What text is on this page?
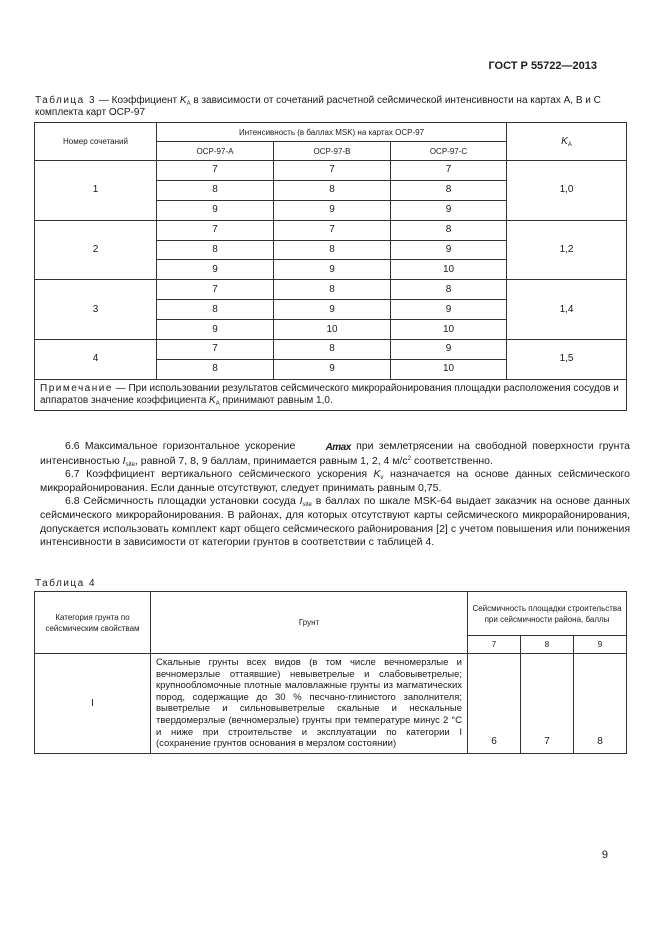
ГОСТ Р 55722—2013
Таблица 3 — Коэффициент $K_A$ в зависимости от сочетаний расчетной сейсмической интенсивности на картах А, В и С комплекта карт ОСР-97
Номер сочетаний	Интенсивность (в баллах MSK) на картах ОСР-97			$K_A$
	ОСР-97-А	ОСР-97-В	ОСР-97-С	
1	7	7	7	1,0
	8	8	8	
	9	9	9	
2	7	7	8	1,2
	8	8	9	
	9	9	10	
3	7	8	8	1,4
	8	9	9	
	9	10	10	
4	7	8	9	1,5
	8	9	10	
Примечание — При использовании результатов сейсмического микрорайонирования площадки расположения сосудов и аппаратов значение коэффициента $K_A$ принимают равным 1,0.				

6.6 Максимальное горизонтальное ускорение	Amax при землетрясении на свободной поверхности грунта интенсивностью $I_{site}$, равной 7, 8, 9 баллам, принимается равным 1, 2, 4 $м/с^2$ соответственно.

6.7 Коэффициент вертикального сейсмического ускорения $K_v$ назначается на основе данных сейсмического микрорайонирования. Если данные отсутствуют, следует принимать равным 0,75.

6.8 Сейсмичность площадки установки сосуда $I_{site}$ в баллах по шкале MSK-64 выдает заказчик на основе данных сейсмического микрорайонирования. В районах, для которых отсутствуют карты сейсмического микрорайонирования, допускается использовать комплект карт общего сейсмического районирования [2] с учетом повышения или понижения интенсивности в зависимости от категории грунтов в соответствии с таблицей 4.

Таблица 4
Категория грунта по сейсмическим свойствам	Грунт	Сейсмичность площадки строительства при сейсмичности района, баллы		
		7	8	9
I	Скальные грунты всех видов (в том числе вечномерзлые и вечномерзлые оттаявшие) невыветрелые и слабовыветрелые; крупнообломочные плотные маловлажные грунты из магматических пород, содержащие до 30 % песчано-глинистого заполнителя; выветрелые и сильновыветрелые скальные и нескальные твердомерзлые (вечномерзлые) грунты при температуре минус 2 °С и ниже при строительстве и эксплуатации по категории I (сохранение грунтов основания в мерзлом состоянии)	6	7	8
9
